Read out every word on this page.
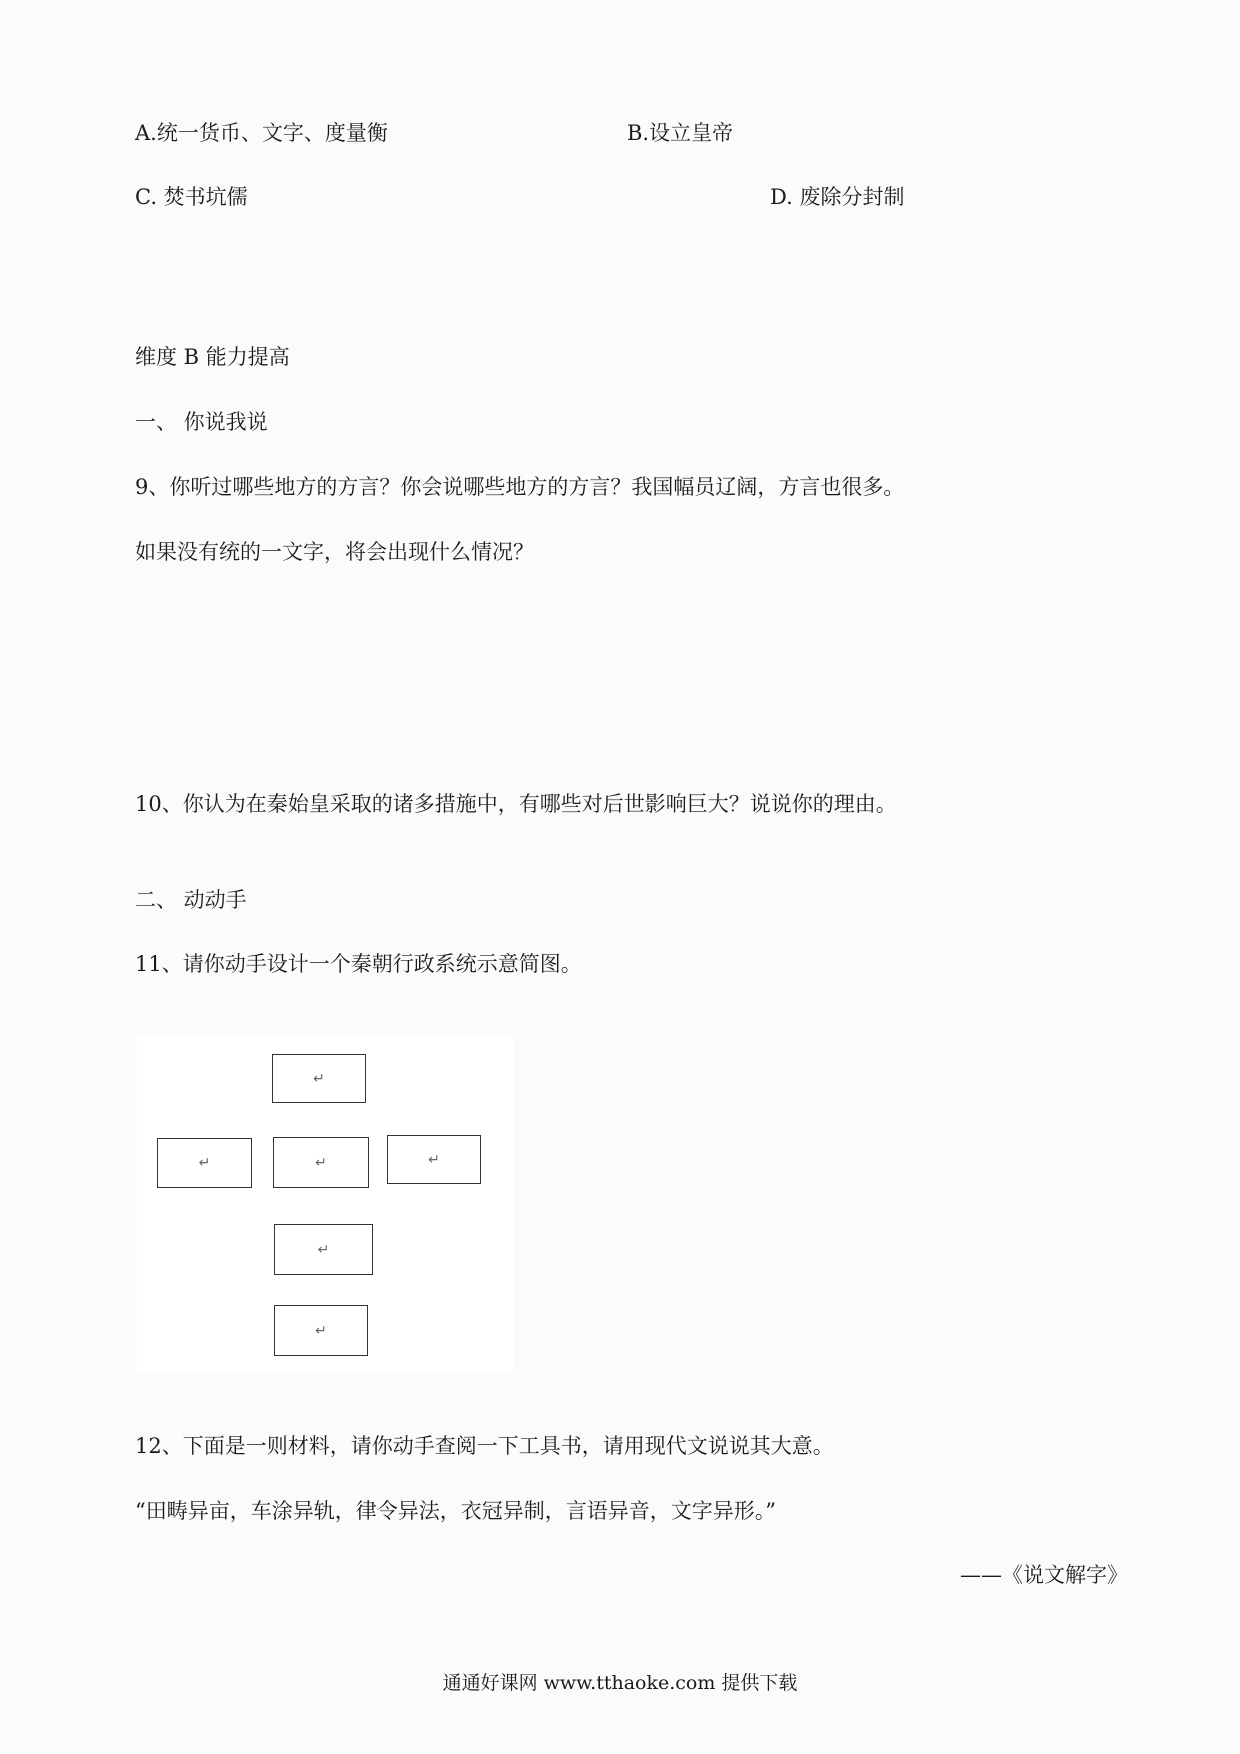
A.统一货币、文字、度量衡	B.设立皇帝
C. 焚书坑儒	D. 废除分封制
维度 B 能力提高
一、 你说我说
9、你听过哪些地方的方言？你会说哪些地方的方言？我国幅员辽阔，方言也很多。
如果没有统的一文字，将会出现什么情况？
10、你认为在秦始皇采取的诸多措施中，有哪些对后世影响巨大？说说你的理由。
二、 动动手
11、请你动手设计一个秦朝行政系统示意简图。
↵
↵	↵	↵
↵
↵
12、下面是一则材料，请你动手查阅一下工具书，请用现代文说说其大意。
“田畴异亩，车涂异轨，律令异法，衣冠异制，言语异音，文字异形。”
——《说文解字》
通通好课网 www.tthaoke.com 提供下载
